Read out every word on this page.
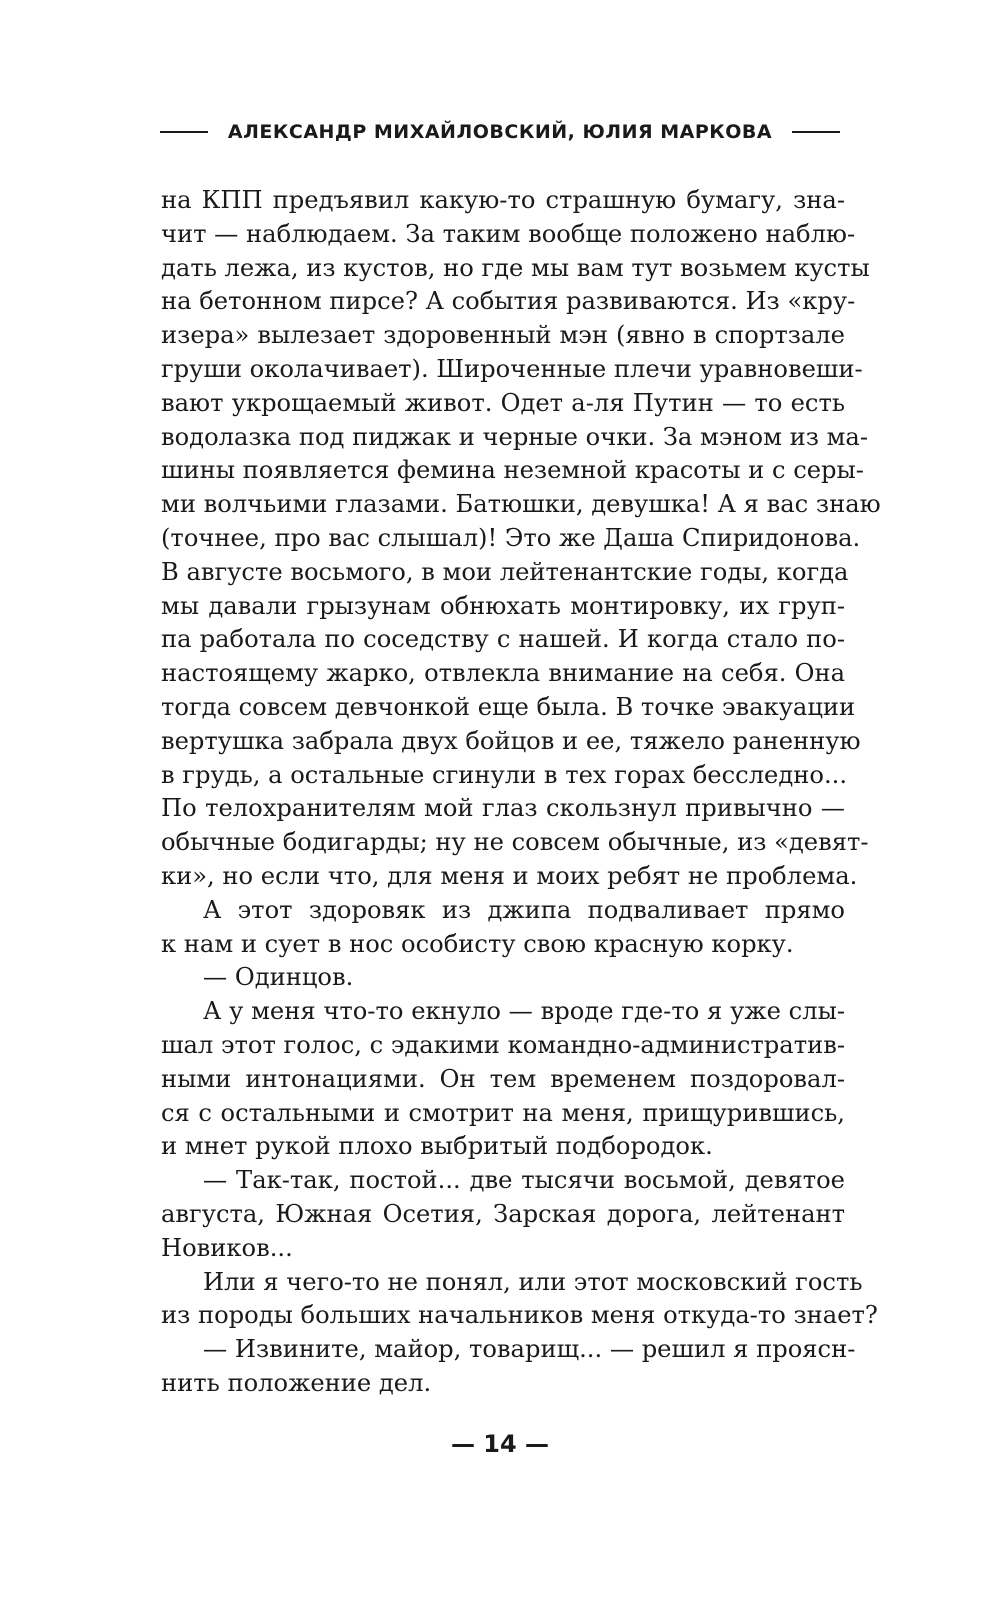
АЛЕКСАНДР МИХАЙЛОВСКИЙ, ЮЛИЯ МАРКОВА
на КПП предъявил какую-то страшную бумагу, зна-
чит — наблюдаем. За таким вообще положено наблю-
дать лежа, из кустов, но где мы вам тут возьмем кусты
на бетонном пирсе? А события развиваются. Из «кру-
изера» вылезает здоровенный мэн (явно в спортзале
груши околачивает). Широченные плечи уравновеши-
вают укрощаемый живот. Одет а-ля Путин — то есть
водолазка под пиджак и черные очки. За мэном из ма-
шины появляется фемина неземной красоты и с серы-
ми волчьими глазами. Батюшки, девушка! А я вас знаю
(точнее, про вас слышал)! Это же Даша Спиридонова.
В августе восьмого, в мои лейтенантские годы, когда
мы давали грызунам обнюхать монтировку, их груп-
па работала по соседству с нашей. И когда стало по-
настоящему жарко, отвлекла внимание на себя. Она
тогда совсем девчонкой еще была. В точке эвакуации
вертушка забрала двух бойцов и ее, тяжело раненную
в грудь, а остальные сгинули в тех горах бесследно...
По телохранителям мой глаз скользнул привычно —
обычные бодигарды; ну не совсем обычные, из «девят-
ки», но если что, для меня и моих ребят не проблема.
А этот здоровяк из джипа подваливает прямо
к нам и сует в нос особисту свою красную корку.
— Одинцов.
А у меня что-то екнуло — вроде где-то я уже слы-
шал этот голос, с эдакими командно-административ-
ными интонациями. Он тем временем поздоровал-
ся с остальными и смотрит на меня, прищурившись,
и мнет рукой плохо выбритый подбородок.
— Так-так, постой... две тысячи восьмой, девятое
августа, Южная Осетия, Зарская дорога, лейтенант
Новиков...
Или я чего-то не понял, или этот московский гость
из породы больших начальников меня откуда-то знает?
— Извините, майор, товарищ... — решил я проясн-
нить положение дел.
— 14 —
